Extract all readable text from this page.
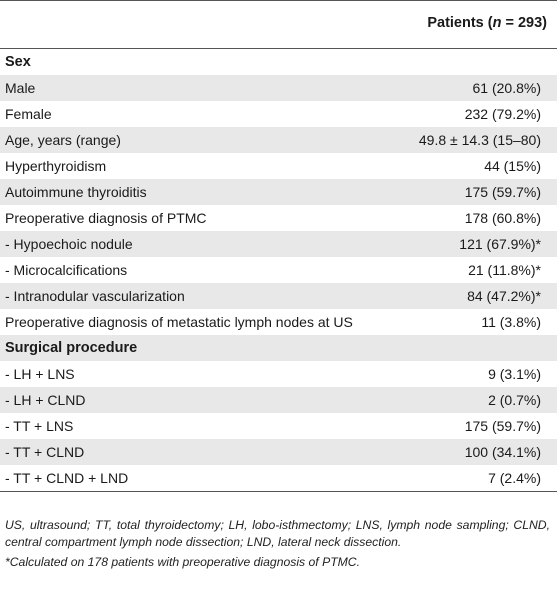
Patients (n = 293)
Sex
Male	61 (20.8%)
Female	232 (79.2%)
Age, years (range)	49.8 ± 14.3 (15–80)
Hyperthyroidism	44 (15%)
Autoimmune thyroiditis	175 (59.7%)
Preoperative diagnosis of PTMC	178 (60.8%)
- Hypoechoic nodule	121 (67.9%)*
- Microcalcifications	21 (11.8%)*
- Intranodular vascularization	84 (47.2%)*
Preoperative diagnosis of metastatic lymph nodes at US	11 (3.8%)
Surgical procedure
- LH + LNS	9 (3.1%)
- LH + CLND	2 (0.7%)
- TT + LNS	175 (59.7%)
- TT + CLND	100 (34.1%)
- TT + CLND + LND	7 (2.4%)

US, ultrasound; TT, total thyroidectomy; LH, lobo-isthmectomy; LNS, lymph node sampling; CLND, central compartment lymph node dissection; LND, lateral neck dissection.

*Calculated on 178 patients with preoperative diagnosis of PTMC.
